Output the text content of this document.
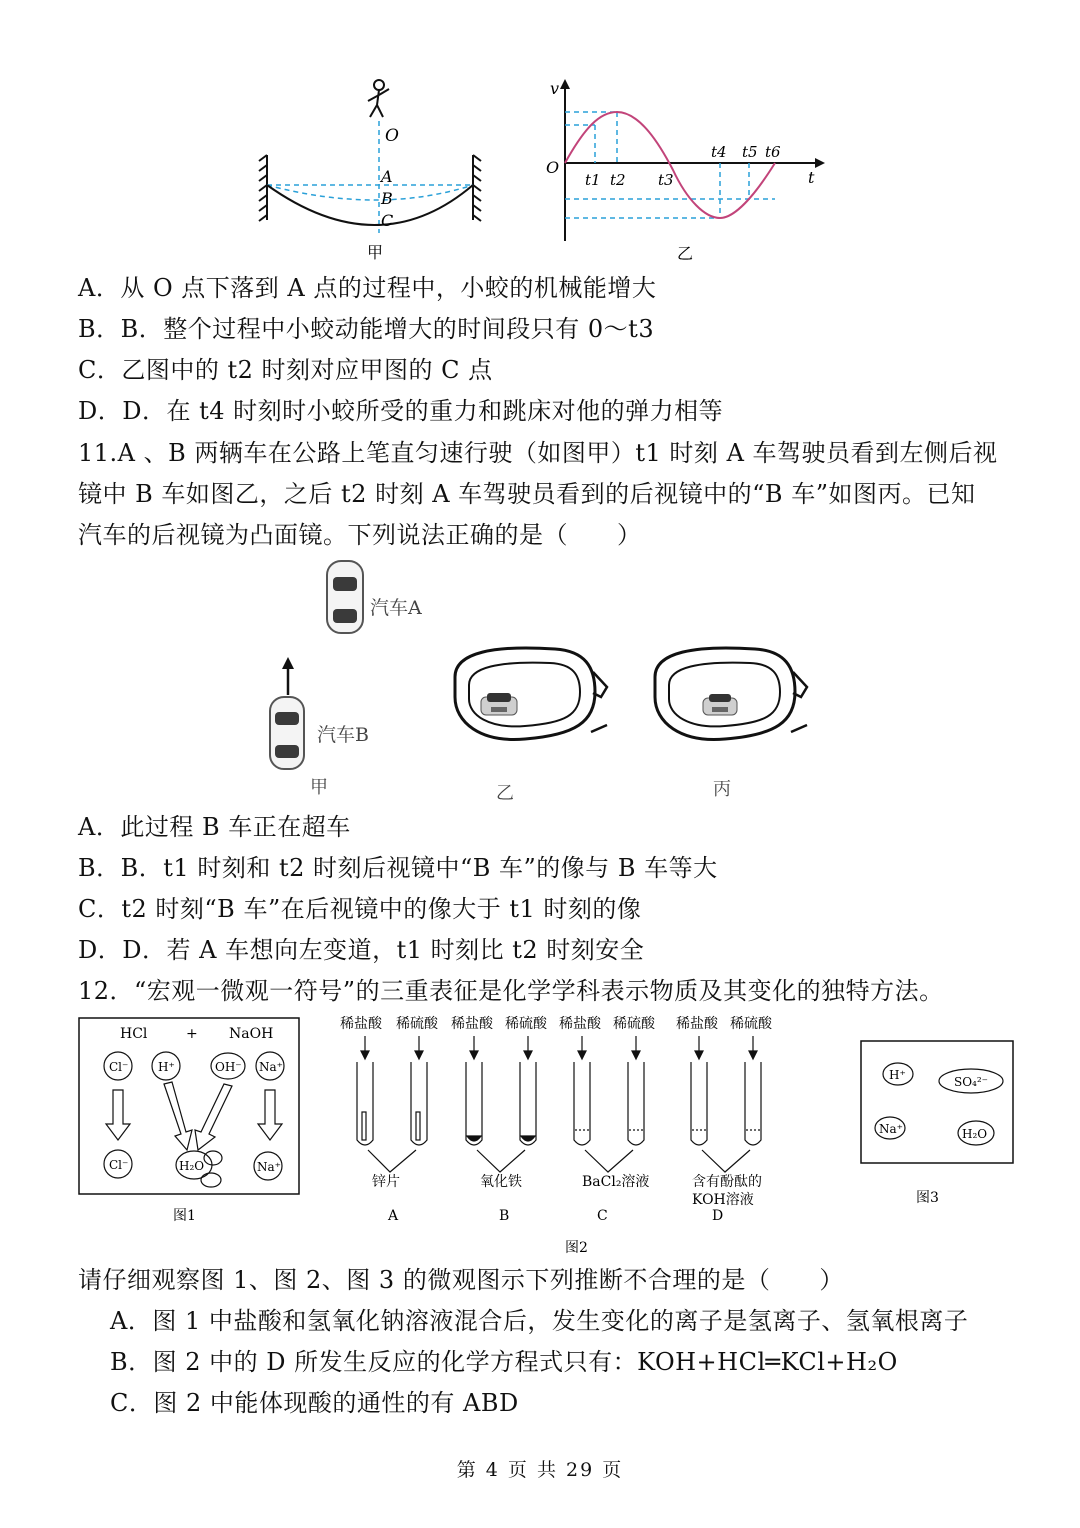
O
A
B
C
甲
v
t
O
t1 t2 t3
t4 t5 t6
乙
A．从 O 点下落到 A 点的过程中，小蛟的机械能增大
B．B．整个过程中小蛟动能增大的时间段只有 0～t3
C．乙图中的 t2 时刻对应甲图的 C 点
D．D．在 t4 时刻时小蛟所受的重力和跳床对他的弹力相等
11.A 、B 两辆车在公路上笔直匀速行驶（如图甲）t1 时刻 A 车驾驶员看到左侧后视
镜中 B 车如图乙，之后 t2 时刻 A 车驾驶员看到的后视镜中的“B 车”如图丙。已知
汽车的后视镜为凸面镜。下列说法正确的是（　　）
汽车A
汽车B
甲	乙	丙
A．此过程 B 车正在超车
B．B．t1 时刻和 t2 时刻后视镜中“B 车”的像与 B 车等大
C．t2 时刻“B 车”在后视镜中的像大于 t1 时刻的像
D．D．若 A 车想向左变道，t1 时刻比 t2 时刻安全
12．“宏观一微观一符号”的三重表征是化学学科表示物质及其变化的独特方法。
HCl	+ NaOH
Cl⁻ H⁺	OH⁻ Na⁺
Cl⁻	H₂O	Na⁺
图1
稀盐酸 稀硫酸 稀盐酸 稀硫酸 稀盐酸 稀硫酸 稀盐酸 稀硫酸
锌片	氧化铁	BaCl₂溶液	含有酚酞的
KOH溶液
A	B	C	D
图2
H⁺	SO₄²⁻
Na⁺	H₂O
图3
请仔细观察图 1、图 2、图 3 的微观图示下列推断不合理的是（　　）
A．图 1 中盐酸和氢氧化钠溶液混合后，发生变化的离子是氢离子、氢氧根离子
B．图 2 中的 D 所发生反应的化学方程式只有：KOH+HCl═KCl+H₂O
C．图 2 中能体现酸的通性的有 ABD
第 4 页 共 29 页
